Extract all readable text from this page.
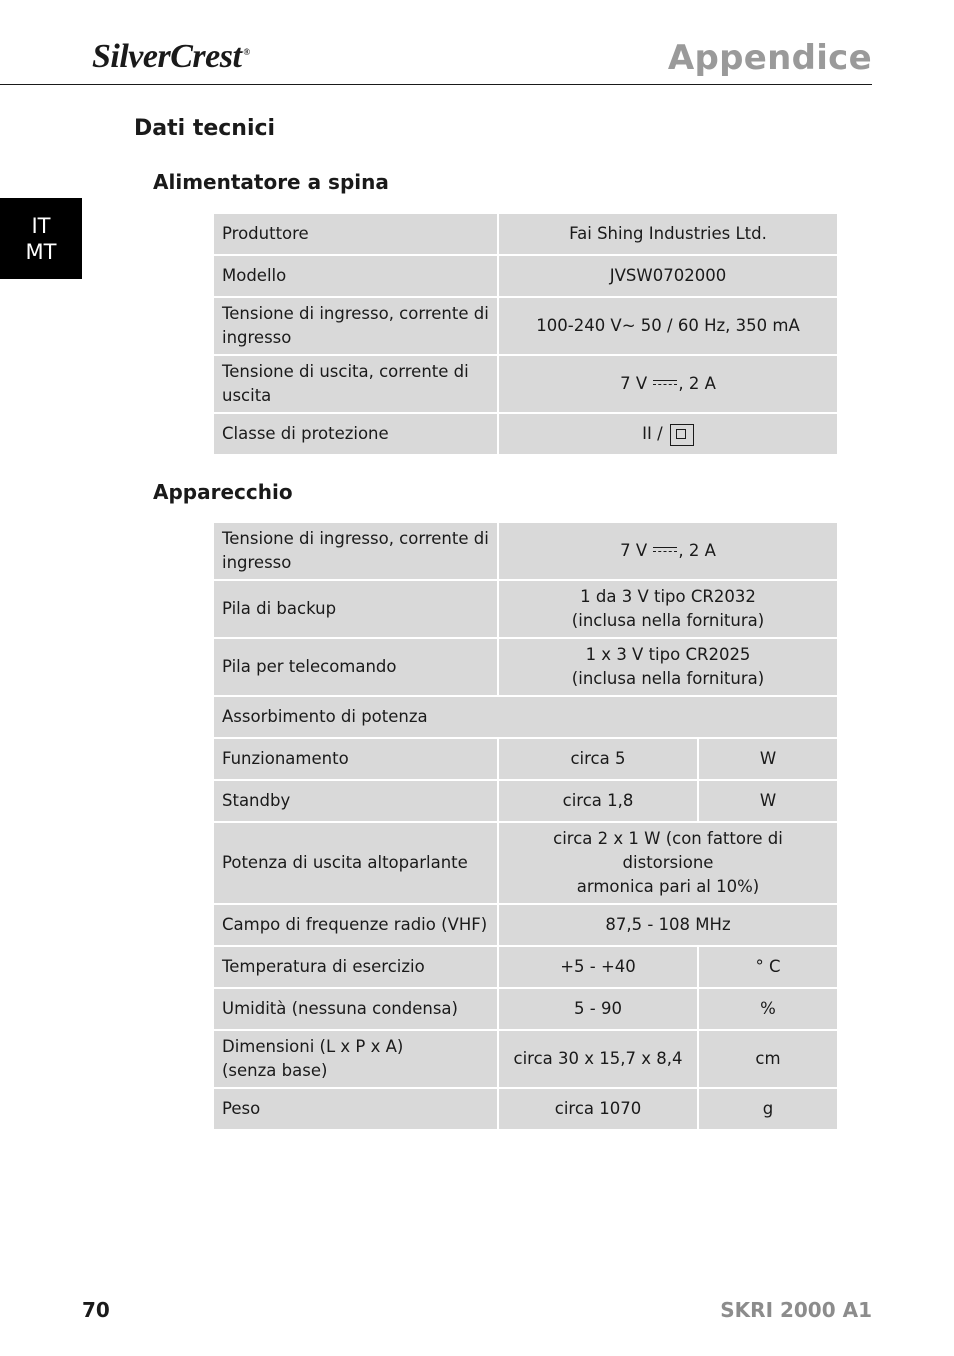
SilverCrest ®	Appendice
IT
MT
Dati tecnici
Alimentatore a spina
Produttore	Fai Shing Industries Ltd.
Modello	JVSW0702000
Tensione di ingresso, corrente di ingresso	100-240 V~ 50 / 60 Hz, 350 mA
Tensione di uscita, corrente di uscita	7 V , 2 A
Classe di protezione	II /
Apparecchio
Tensione di ingresso, corrente di ingresso	7 V , 2 A	
Pila di backup	1 da 3 V tipo CR2032
(inclusa nella fornitura)	

Pila per telecomando	1 x 3 V tipo CR2025
(inclusa nella fornitura)	

Assorbimento di potenza		
Funzionamento	circa 5	W
Standby	circa 1,8	W
Potenza di uscita altoparlante	circa 2 x 1 W (con fattore di distorsione
armonica pari al 10%)	

Campo di frequenze radio (VHF)	87,5 - 108 MHz	
Temperatura di esercizio	+5 - +40	° C
Umidità (nessuna condensa)	5 - 90	%

Dimensioni (L x P x A)
(senza base)	circa 30 x 15,7 x 8,4	cm
Peso	circa 1070	g
70	SKRI 2000 A1
